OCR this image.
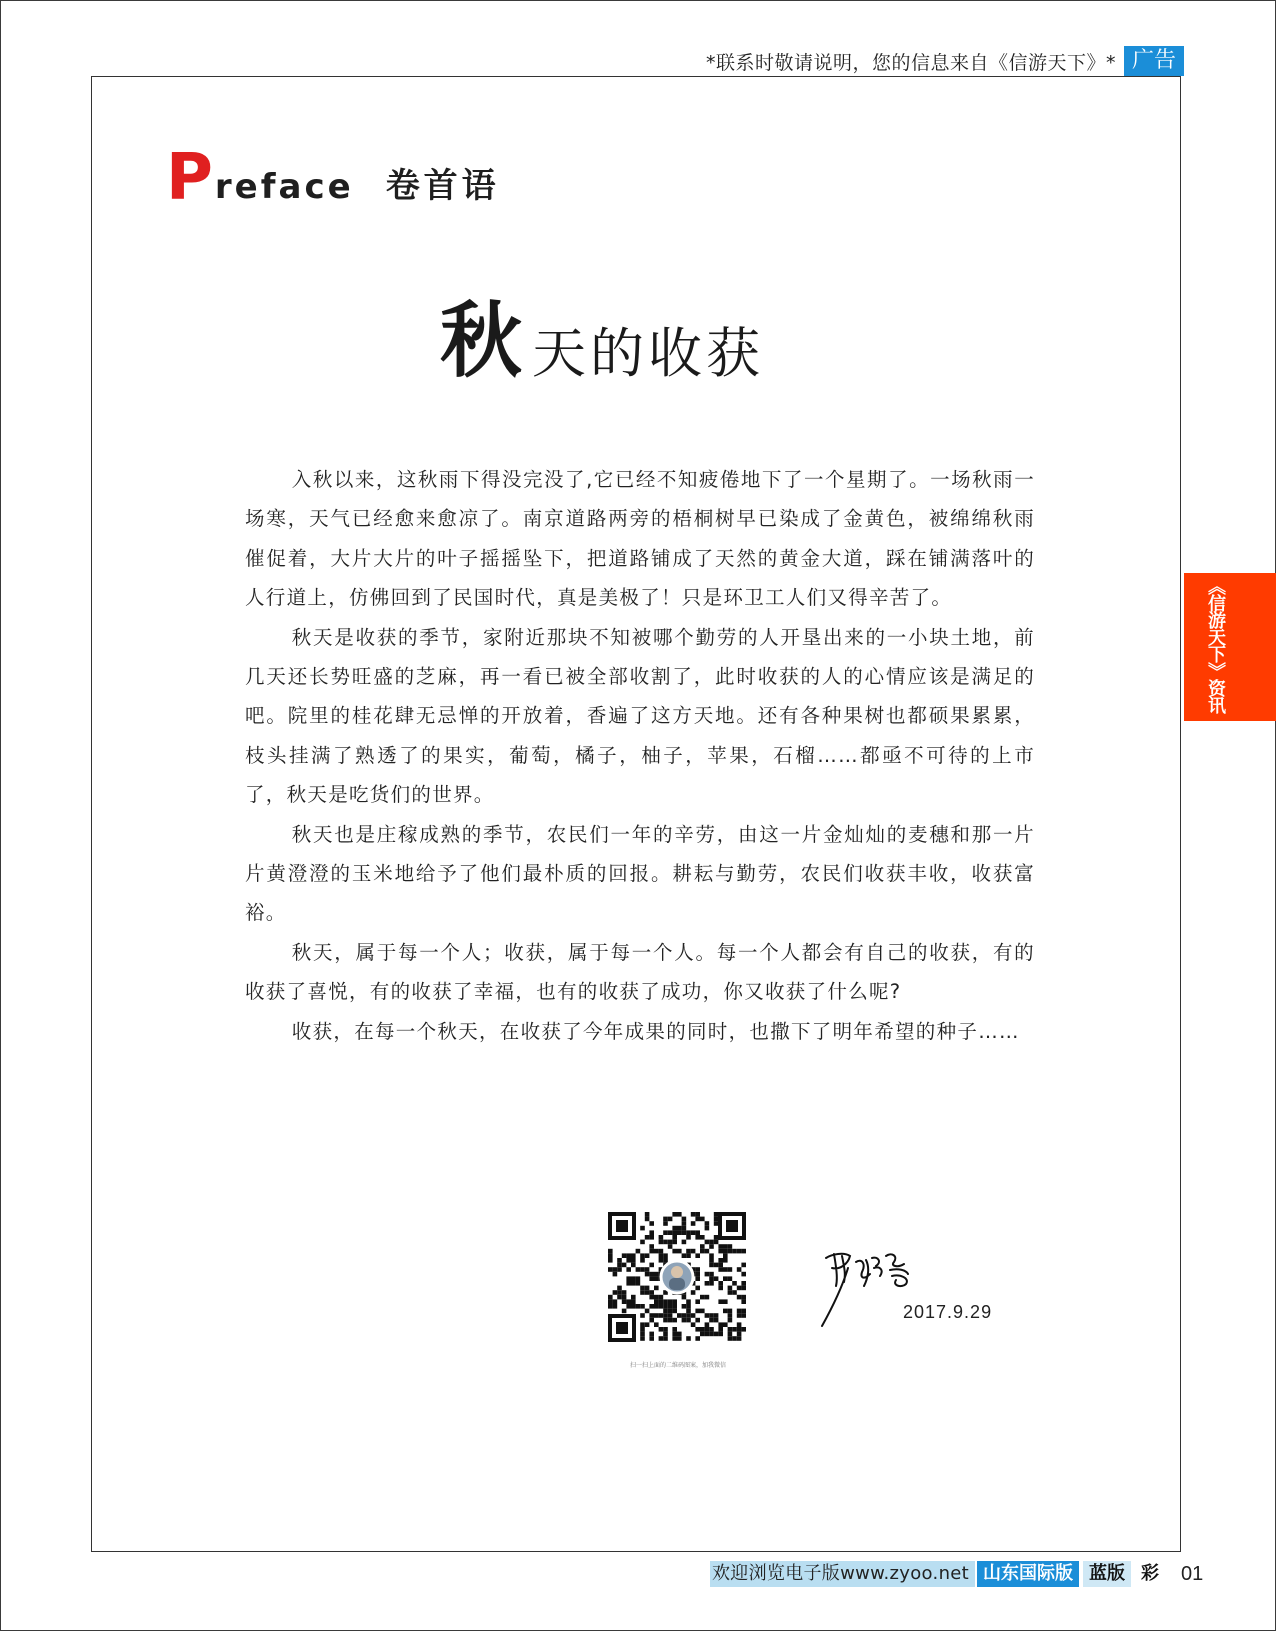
*联系时敬请说明，您的信息来自《信游天下》* 广告
P reface 卷首语
秋 天的收获

入秋以来，这秋雨下得没完没了,它已经不知疲倦地下了一个星期了。一场秋雨一场寒，天气已经愈来愈凉了。南京道路两旁的梧桐树早已染成了金黄色，被绵绵秋雨催促着，大片大片的叶子摇摇坠下，把道路铺成了天然的黄金大道，踩在铺满落叶的人行道上，仿佛回到了民国时代，真是美极了！只是环卫工人们又得辛苦了。

秋天是收获的季节，家附近那块不知被哪个勤劳的人开垦出来的一小块土地，前几天还长势旺盛的芝麻，再一看已被全部收割了，此时收获的人的心情应该是满足的吧。院里的桂花肆无忌惮的开放着，香遍了这方天地。还有各种果树也都硕果累累，枝头挂满了熟透了的果实，葡萄，橘子，柚子，苹果，石榴……都亟不可待的上市了，秋天是吃货们的世界。

秋天也是庄稼成熟的季节，农民们一年的辛劳，由这一片金灿灿的麦穗和那一片片黄澄澄的玉米地给予了他们最朴质的回报。耕耘与勤劳，农民们收获丰收，收获富裕。

秋天，属于每一个人；收获，属于每一个人。每一个人都会有自己的收获，有的收获了喜悦，有的收获了幸福，也有的收获了成功，你又收获了什么呢?

收获，在每一个秋天，在收获了今年成果的同时，也撒下了明年希望的种子……

扫一扫上面的二维码图案，加我微信
2017.9.29
《信游天下》资讯
欢迎浏览电子版www.zyoo.net 山东国际版 蓝版 彩 01
